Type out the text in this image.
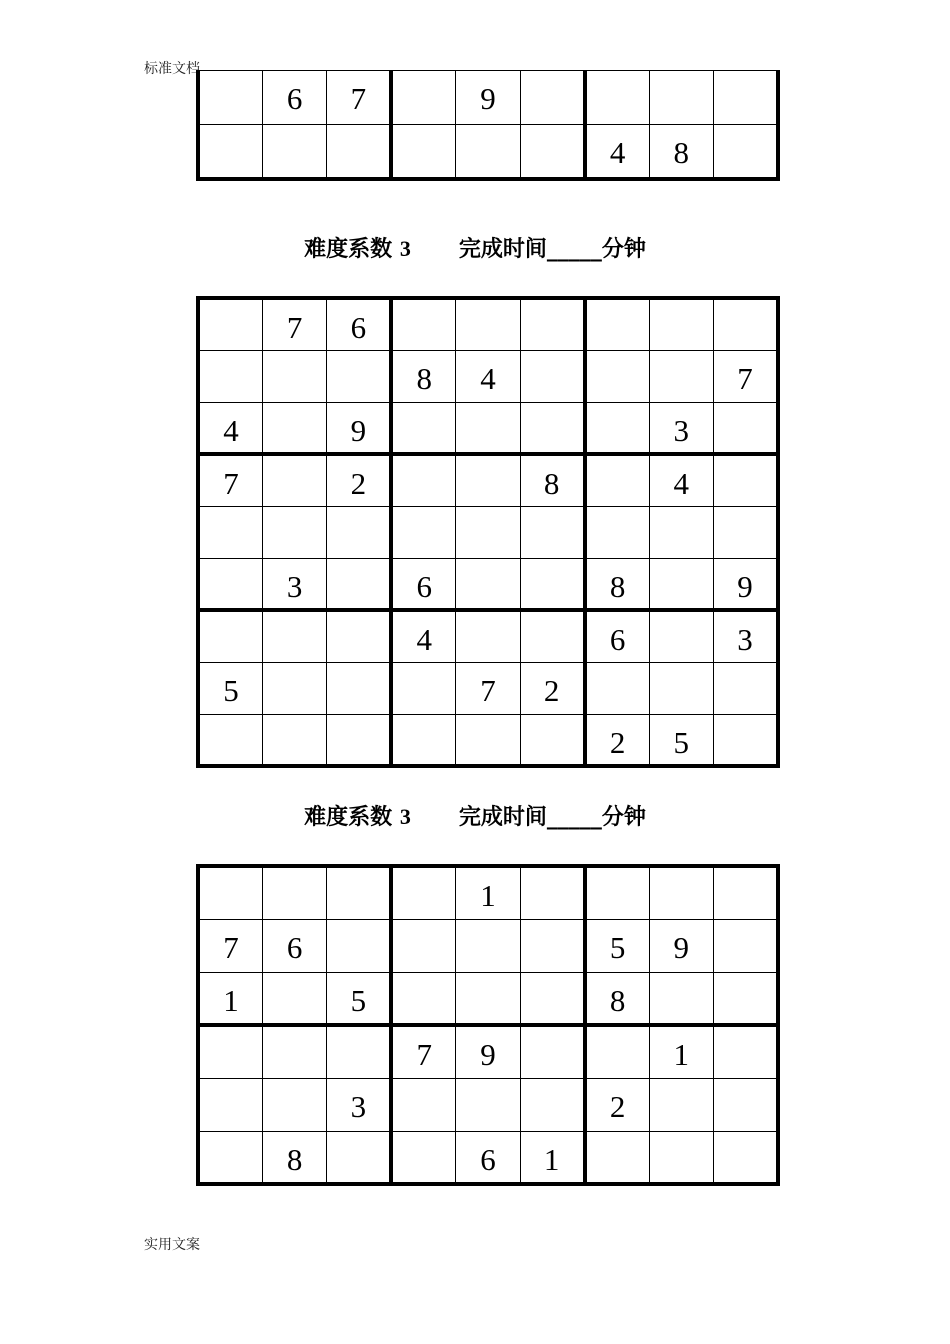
标准文档
	6	7		9				
						4	8	
难度系数 3 完成时间_____分钟
	7	6						
			8	4				7
4		9					3	
7		2			8		4	

	3		6			8		9
			4			6		3
5				7	2			
						2	5	
难度系数 3 完成时间_____分钟
				1				
7	6					5	9	
1		5				8		
			7	9			1	
		3				2		
	8			6	1			
实用文案
